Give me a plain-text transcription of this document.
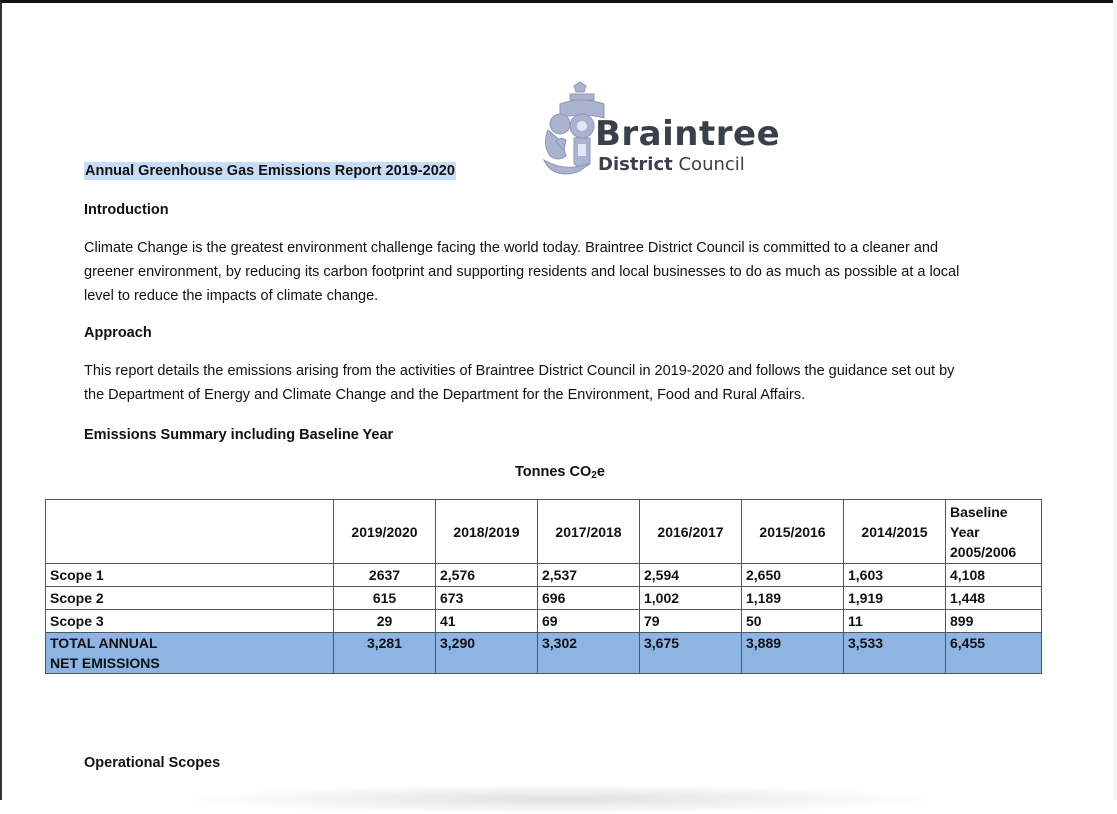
Braintree
District Council
Annual Greenhouse Gas Emissions Report 2019-2020
Introduction
Climate Change is the greatest environment challenge facing the world today. Braintree District Council is committed to a cleaner and
greener environment, by reducing its carbon footprint and supporting residents and local businesses to do as much as possible at a local
level to reduce the impacts of climate change.
Approach
This report details the emissions arising from the activities of Braintree District Council in 2019-2020 and follows the guidance set out by
the Department of Energy and Climate Change and the Department for the Environment, Food and Rural Affairs.
Emissions Summary including Baseline Year
Tonnes $CO_2e$
	2019/2020	2018/2019	2017/2018	2016/2017	2015/2016	2014/2015	Baseline
Year
2005/2006

Scope 1	2637	2,576	2,537	2,594	2,650	1,603	4,108
Scope 2	615	673	696	1,002	1,189	1,919	1,448
Scope 3	29	41	69	79	50	11	899

TOTAL ANNUAL
NET EMISSIONS	3,281	3,290	3,302	3,675	3,889	3,533	6,455
Operational Scopes
